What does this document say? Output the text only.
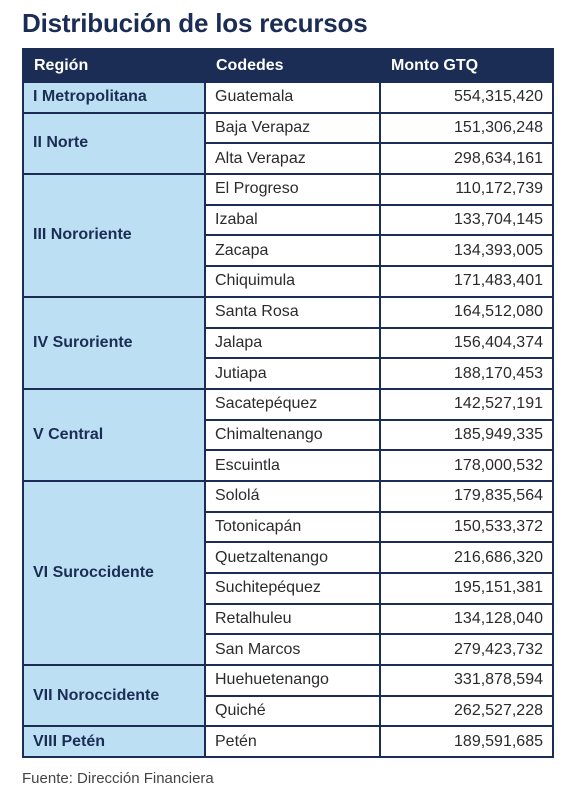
Distribución de los recursos
Región	Codedes	Monto GTQ
I Metropolitana	Guatemala	554,315,420
II Norte	Baja Verapaz	151,306,248
	Alta Verapaz	298,634,161
III Nororiente	El Progreso	110,172,739
	Izabal	133,704,145
	Zacapa	134,393,005
	Chiquimula	171,483,401
IV Suroriente	Santa Rosa	164,512,080
	Jalapa	156,404,374
	Jutiapa	188,170,453
V Central	Sacatepéquez	142,527,191
	Chimaltenango	185,949,335
	Escuintla	178,000,532
VI Suroccidente	Sololá	179,835,564
	Totonicapán	150,533,372
	Quetzaltenango	216,686,320
	Suchitepéquez	195,151,381
	Retalhuleu	134,128,040
	San Marcos	279,423,732
VII Noroccidente	Huehuetenango	331,878,594
	Quiché	262,527,228
VIII Petén	Petén	189,591,685
Fuente: Dirección Financiera
